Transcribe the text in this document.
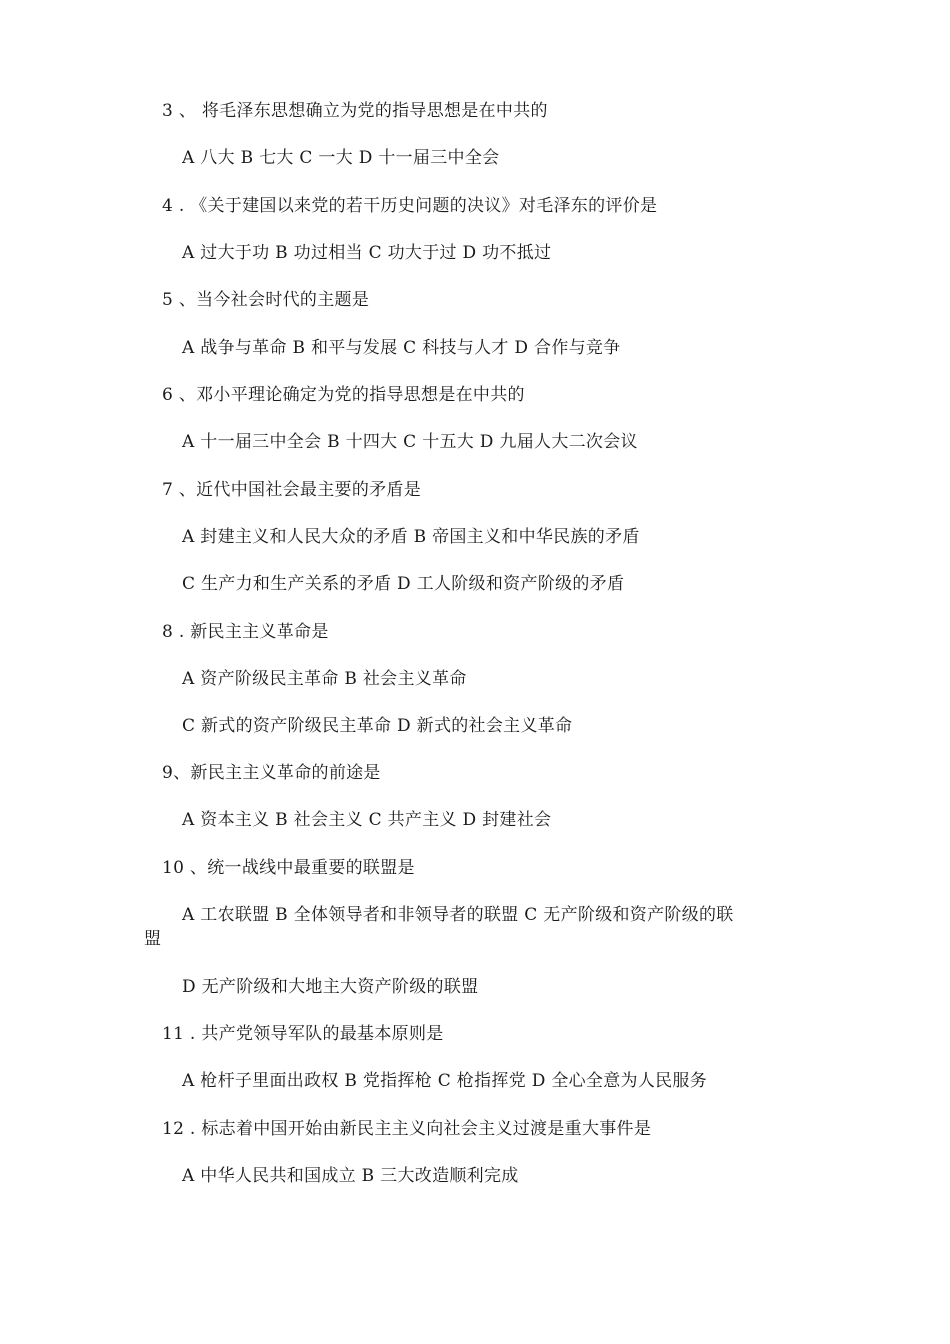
3 、 将毛泽东思想确立为党的指导思想是在中共的
A 八大 B 七大 C 一大 D 十一届三中全会
4 . 《关于建国以来党的若干历史问题的决议》对毛泽东的评价是
A 过大于功 B 功过相当 C 功大于过 D 功不抵过
5 、当今社会时代的主题是
A 战争与革命 B 和平与发展 C 科技与人才 D 合作与竞争
6 、邓小平理论确定为党的指导思想是在中共的
A 十一届三中全会 B 十四大 C 十五大 D 九届人大二次会议
7 、近代中国社会最主要的矛盾是
A 封建主义和人民大众的矛盾 B 帝国主义和中华民族的矛盾
C 生产力和生产关系的矛盾 D 工人阶级和资产阶级的矛盾
8 . 新民主主义革命是
A 资产阶级民主革命 B 社会主义革命
C 新式的资产阶级民主革命 D 新式的社会主义革命
9、新民主主义革命的前途是
A 资本主义 B 社会主义 C 共产主义 D 封建社会
10 、统一战线中最重要的联盟是
A 工农联盟 B 全体领导者和非领导者的联盟 C 无产阶级和资产阶级的联
盟
D 无产阶级和大地主大资产阶级的联盟
11 . 共产党领导军队的最基本原则是
A 枪杆子里面出政权 B 党指挥枪 C 枪指挥党 D 全心全意为人民服务
12 . 标志着中国开始由新民主主义向社会主义过渡是重大事件是
A 中华人民共和国成立 B 三大改造顺利完成
